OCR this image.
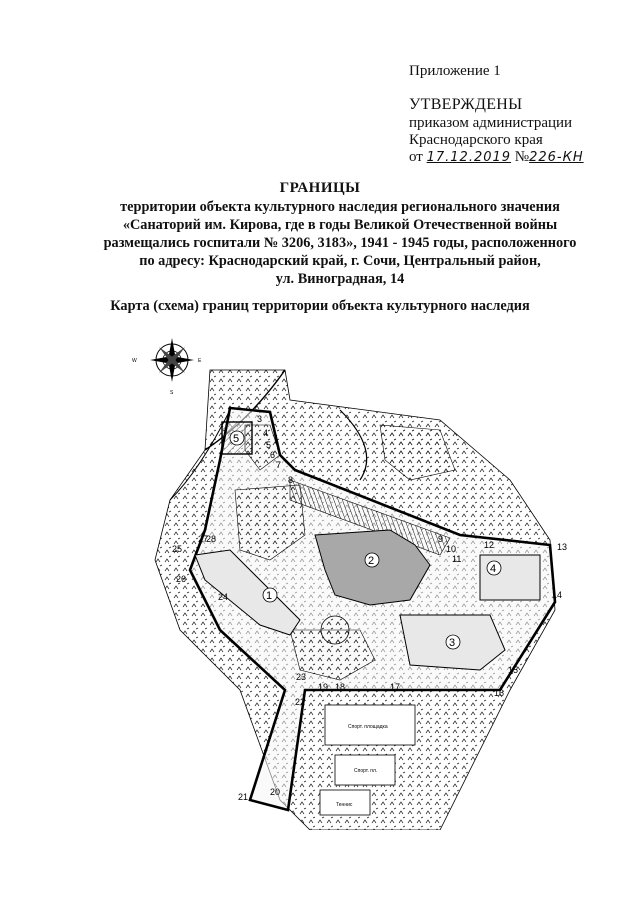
Приложение 1
УТВЕРЖДЕНЫ
приказом администрации
Краснодарского края
от 17.12.2019 №226-КН
ГРАНИЦЫ
территории объекта культурного наследия регионального значения
«Санаторий им. Кирова, где в годы Великой Отечественной войны
размещались госпитали № 3206, 3183», 1941 - 1945 годы, расположенного
по адресу: Краснодарский край, г. Сочи, Центральный район,
ул. Виноградная, 14
Карта (схема) границ территории объекта культурного наследия
W	E
S
5
2
1
4
3
Спорт. площадка
Спорт. пл.
Теннис
3
4
5
6
7
8
9
10
11
12	13
14
15
16
17
18
19
20
21
22
23
24
25
26
27
28
